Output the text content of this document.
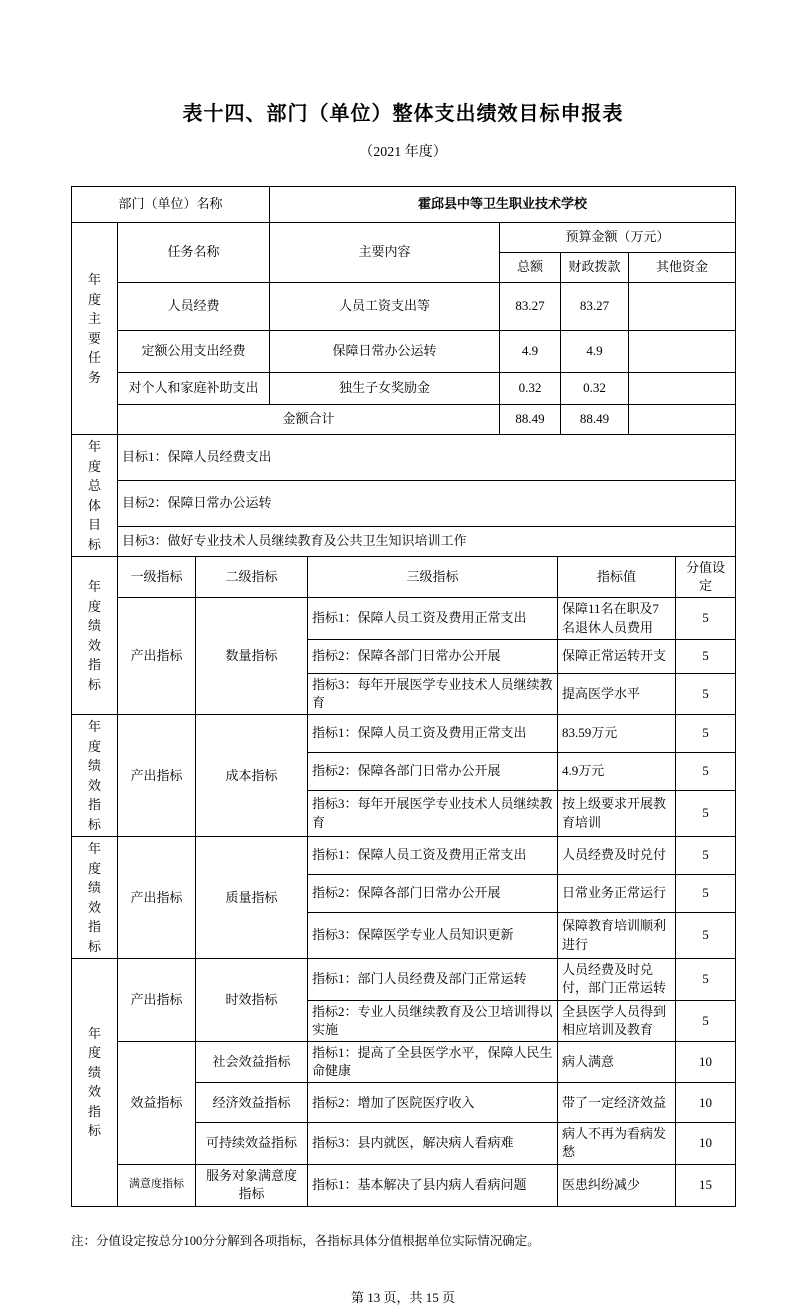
表十四、部门（单位）整体支出绩效目标申报表
（2021 年度）
部门（单位）名称		霍邱县中等卫生职业技术学校			

年度主要任务	任务名称	主要内容	预算金额（万元）		
			总额	财政拨款	其他资金
	人员经费	人员工资支出等	83.27	83.27	
	定额公用支出经费	保障日常办公运转	4.9	4.9	
	对个人和家庭补助支出	独生子女奖励金	0.32	0.32	
	金额合计		88.49	88.49	

年度总体目标	目标1：保障人员经费支出				
	目标2：保障日常办公运转				
	目标3：做好专业技术人员继续教育及公共卫生知识培训工作				
年度绩效指标	一级指标	二级指标	三级指标	指标值	分值设定
	产出指标	数量指标	指标1：保障人员工资及费用正常支出	保障11名在职及7名退休人员费用	5
			指标2：保障各部门日常办公开展	保障正常运转开支	5
			指标3：每年开展医学专业技术人员继续教育	提高医学水平	5

年度绩效指标	产出指标	成本指标	指标1：保障人员工资及费用正常支出	83.59万元	5
			指标2：保障各部门日常办公开展	4.9万元	5
			指标3：每年开展医学专业技术人员继续教育	按上级要求开展教育培训	5

年度绩效指标	产出指标	质量指标	指标1：保障人员工资及费用正常支出	人员经费及时兑付	5
			指标2：保障各部门日常办公开展	日常业务正常运行	5
			指标3：保障医学专业人员知识更新	保障教育培训顺利进行	5

年度绩效指标	产出指标	时效指标	指标1：部门人员经费及部门正常运转	人员经费及时兑付，部门正常运转	5
			指标2：专业人员继续教育及公卫培训得以实施	全县医学人员得到相应培训及教育	5
	效益指标	社会效益指标	指标1：提高了全县医学水平，保障人民生命健康	病人满意	10
		经济效益指标	指标2：增加了医院医疗收入	带了一定经济效益	10
		可持续效益指标	指标3：县内就医，解决病人看病难	病人不再为看病发愁	10
	满意度指标	服务对象满意度指标	指标1：基本解决了县内病人看病问题	医患纠纷减少	15
注：分值设定按总分100分分解到各项指标，各指标具体分值根据单位实际情况确定。
第 13 页，共 15 页
